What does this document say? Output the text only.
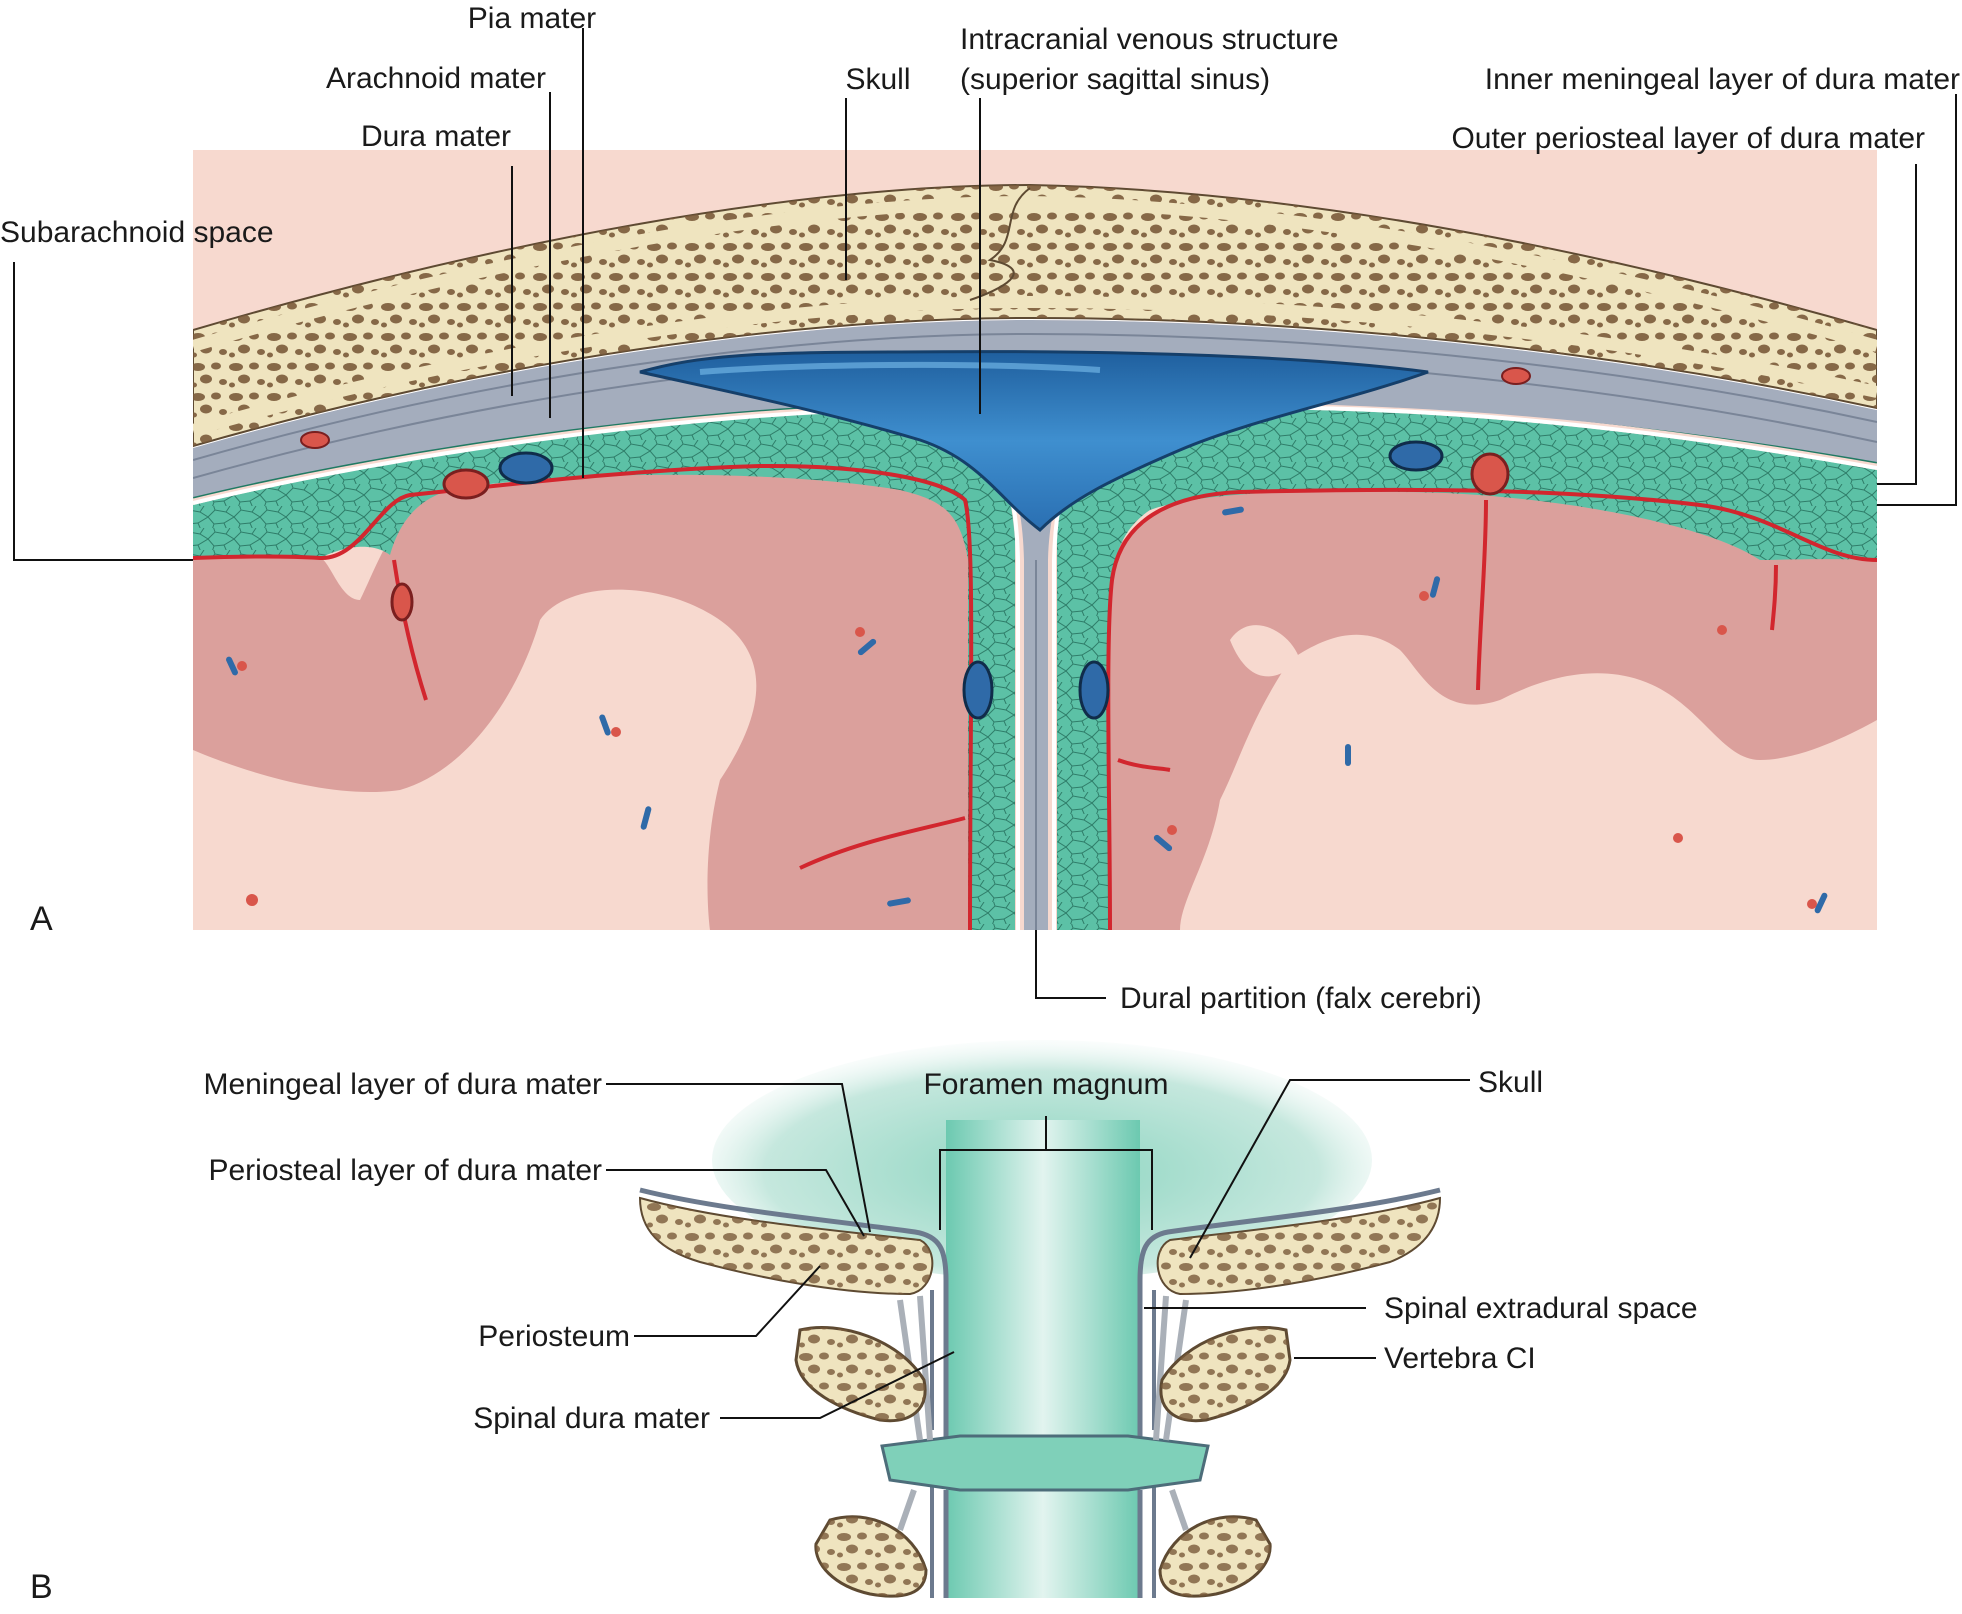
Pia mater
Arachnoid mater
Dura mater
Subarachnoid space
Skull
Intracranial venous structure
(superior sagittal sinus)	Inner meningeal layer of dura mater
Outer periosteal layer of dura mater
Dural partition (falx cerebri)
A
Meningeal layer of dura mater
Periosteal layer of dura mater
Periosteum
Spinal dura mater
Foramen magnum	Skull
Spinal extradural space
Vertebra CI
B
